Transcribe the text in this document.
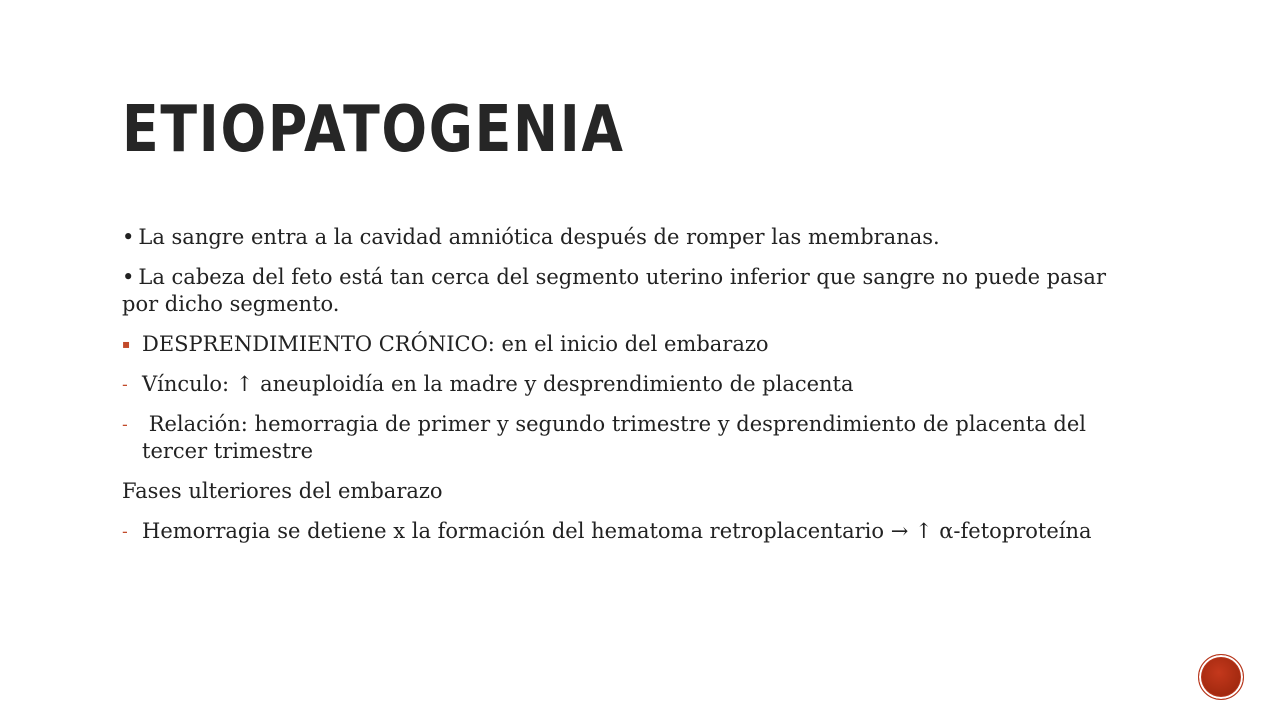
ETIOPATOGENIA

• La sangre entra a la cavidad amniótica después de romper las membranas.

• La cabeza del feto está tan cerca del segmento uterino inferior que sangre no puede pasar por dicho segmento.

▪ DESPRENDIMIENTO CRÓNICO: en el inicio del embarazo
- Vínculo: ↑ aneuploidía en la madre y desprendimiento de placenta
- Relación: hemorragia de primer y segundo trimestre y desprendimiento de placenta del tercer trimestre

Fases ulteriores del embarazo

- Hemorragia se detiene x la formación del hematoma retroplacentario → ↑ α-fetoproteína
